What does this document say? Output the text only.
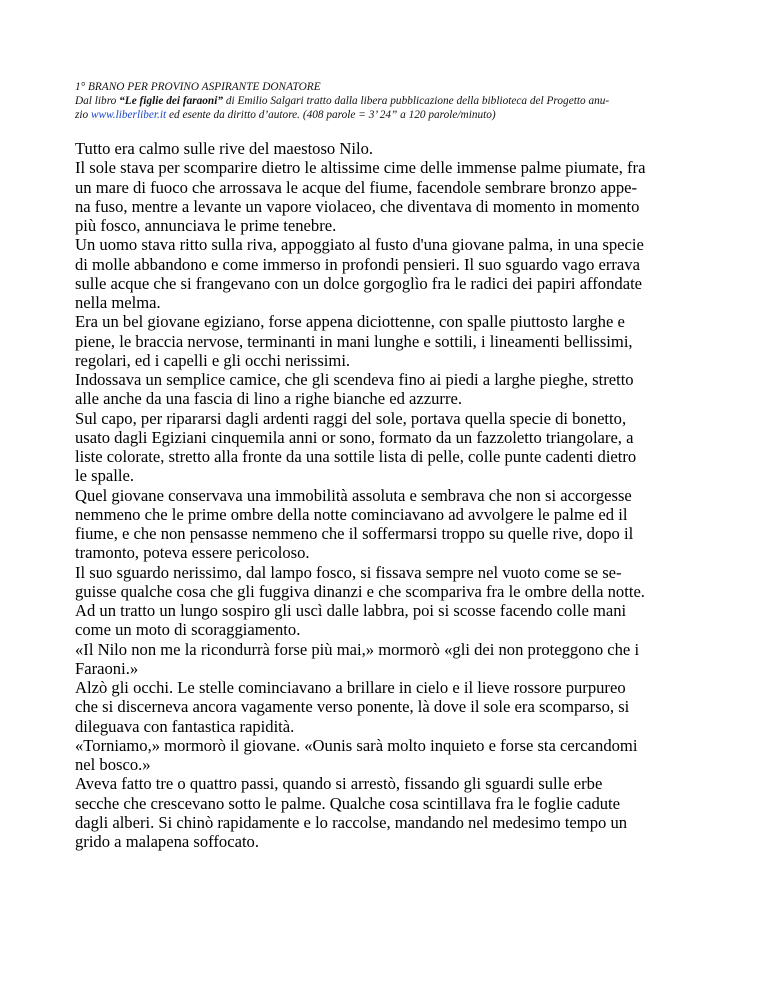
1° BRANO PER PROVINO ASPIRANTE DONATORE
Dal libro “Le figlie dei faraoni” di Emilio Salgari tratto dalla libera pubblicazione della biblioteca del Progetto anu-
zio www.liberliber.it ed esente da diritto d’autore. (408 parole = 3’ 24” a 120 parole/minuto)
Tutto era calmo sulle rive del maestoso Nilo.
Il sole stava per scomparire dietro le altissime cime delle immense palme piumate, fra
un mare di fuoco che arrossava le acque del fiume, facendole sembrare bronzo appe-
na fuso, mentre a levante un vapore violaceo, che diventava di momento in momento
più fosco, annunciava le prime tenebre.
Un uomo stava ritto sulla riva, appoggiato al fusto d'una giovane palma, in una specie
di molle abbandono e come immerso in profondi pensieri. Il suo sguardo vago errava
sulle acque che si frangevano con un dolce gorgoglìo fra le radici dei papiri affondate
nella melma.
Era un bel giovane egiziano, forse appena diciottenne, con spalle piuttosto larghe e
piene, le braccia nervose, terminanti in mani lunghe e sottili, i lineamenti bellissimi,
regolari, ed i capelli e gli occhi nerissimi.
Indossava un semplice camice, che gli scendeva fino ai piedi a larghe pieghe, stretto
alle anche da una fascia di lino a righe bianche ed azzurre.
Sul capo, per ripararsi dagli ardenti raggi del sole, portava quella specie di bonetto,
usato dagli Egiziani cinquemila anni or sono, formato da un fazzoletto triangolare, a
liste colorate, stretto alla fronte da una sottile lista di pelle, colle punte cadenti dietro
le spalle.
Quel giovane conservava una immobilità assoluta e sembrava che non si accorgesse
nemmeno che le prime ombre della notte cominciavano ad avvolgere le palme ed il
fiume, e che non pensasse nemmeno che il soffermarsi troppo su quelle rive, dopo il
tramonto, poteva essere pericoloso.
Il suo sguardo nerissimo, dal lampo fosco, si fissava sempre nel vuoto come se se-
guisse qualche cosa che gli fuggiva dinanzi e che scompariva fra le ombre della notte.
Ad un tratto un lungo sospiro gli uscì dalle labbra, poi si scosse facendo colle mani
come un moto di scoraggiamento.
«Il Nilo non me la ricondurrà forse più mai,» mormorò «gli dei non proteggono che i
Faraoni.»
Alzò gli occhi. Le stelle cominciavano a brillare in cielo e il lieve rossore purpureo
che si discerneva ancora vagamente verso ponente, là dove il sole era scomparso, si
dileguava con fantastica rapidità.
«Torniamo,» mormorò il giovane. «Ounis sarà molto inquieto e forse sta cercandomi
nel bosco.»
Aveva fatto tre o quattro passi, quando si arrestò, fissando gli sguardi sulle erbe
secche che crescevano sotto le palme. Qualche cosa scintillava fra le foglie cadute
dagli alberi. Si chinò rapidamente e lo raccolse, mandando nel medesimo tempo un
grido a malapena soffocato.
